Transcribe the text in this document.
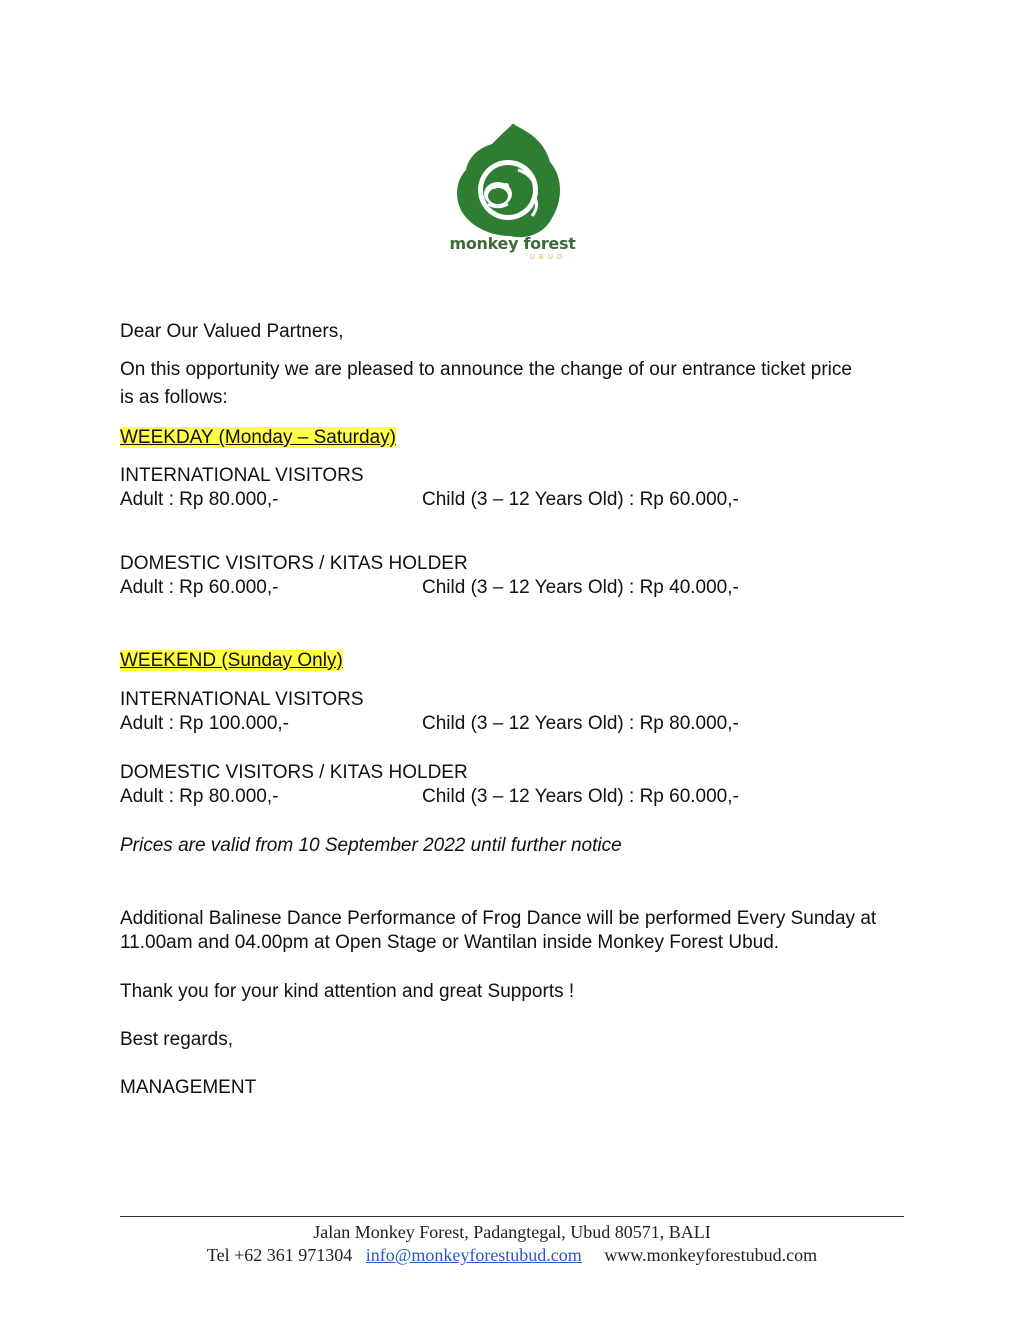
monkey forest
UBUD
Dear Our Valued Partners,
On this opportunity we are pleased to announce the change of our entrance ticket price
is as follows:
WEEKDAY (Monday – Saturday)
INTERNATIONAL VISITORS
Adult : Rp 80.000,-	Child (3 – 12 Years Old) : Rp 60.000,-
DOMESTIC VISITORS / KITAS HOLDER
Adult : Rp 60.000,-	Child (3 – 12 Years Old) : Rp 40.000,-
WEEKEND (Sunday Only)
INTERNATIONAL VISITORS
Adult : Rp 100.000,-	Child (3 – 12 Years Old) : Rp 80.000,-
DOMESTIC VISITORS / KITAS HOLDER
Adult : Rp 80.000,-	Child (3 – 12 Years Old) : Rp 60.000,-
Prices are valid from 10 September 2022 until further notice
Additional Balinese Dance Performance of Frog Dance will be performed Every Sunday at
11.00am and 04.00pm at Open Stage or Wantilan inside Monkey Forest Ubud.
Thank you for your kind attention and great Supports !
Best regards,
MANAGEMENT
Jalan Monkey Forest, Padangtegal, Ubud 80571, BALI
Tel +62 361 971304 info@monkeyforestubud.com www.monkeyforestubud.com
